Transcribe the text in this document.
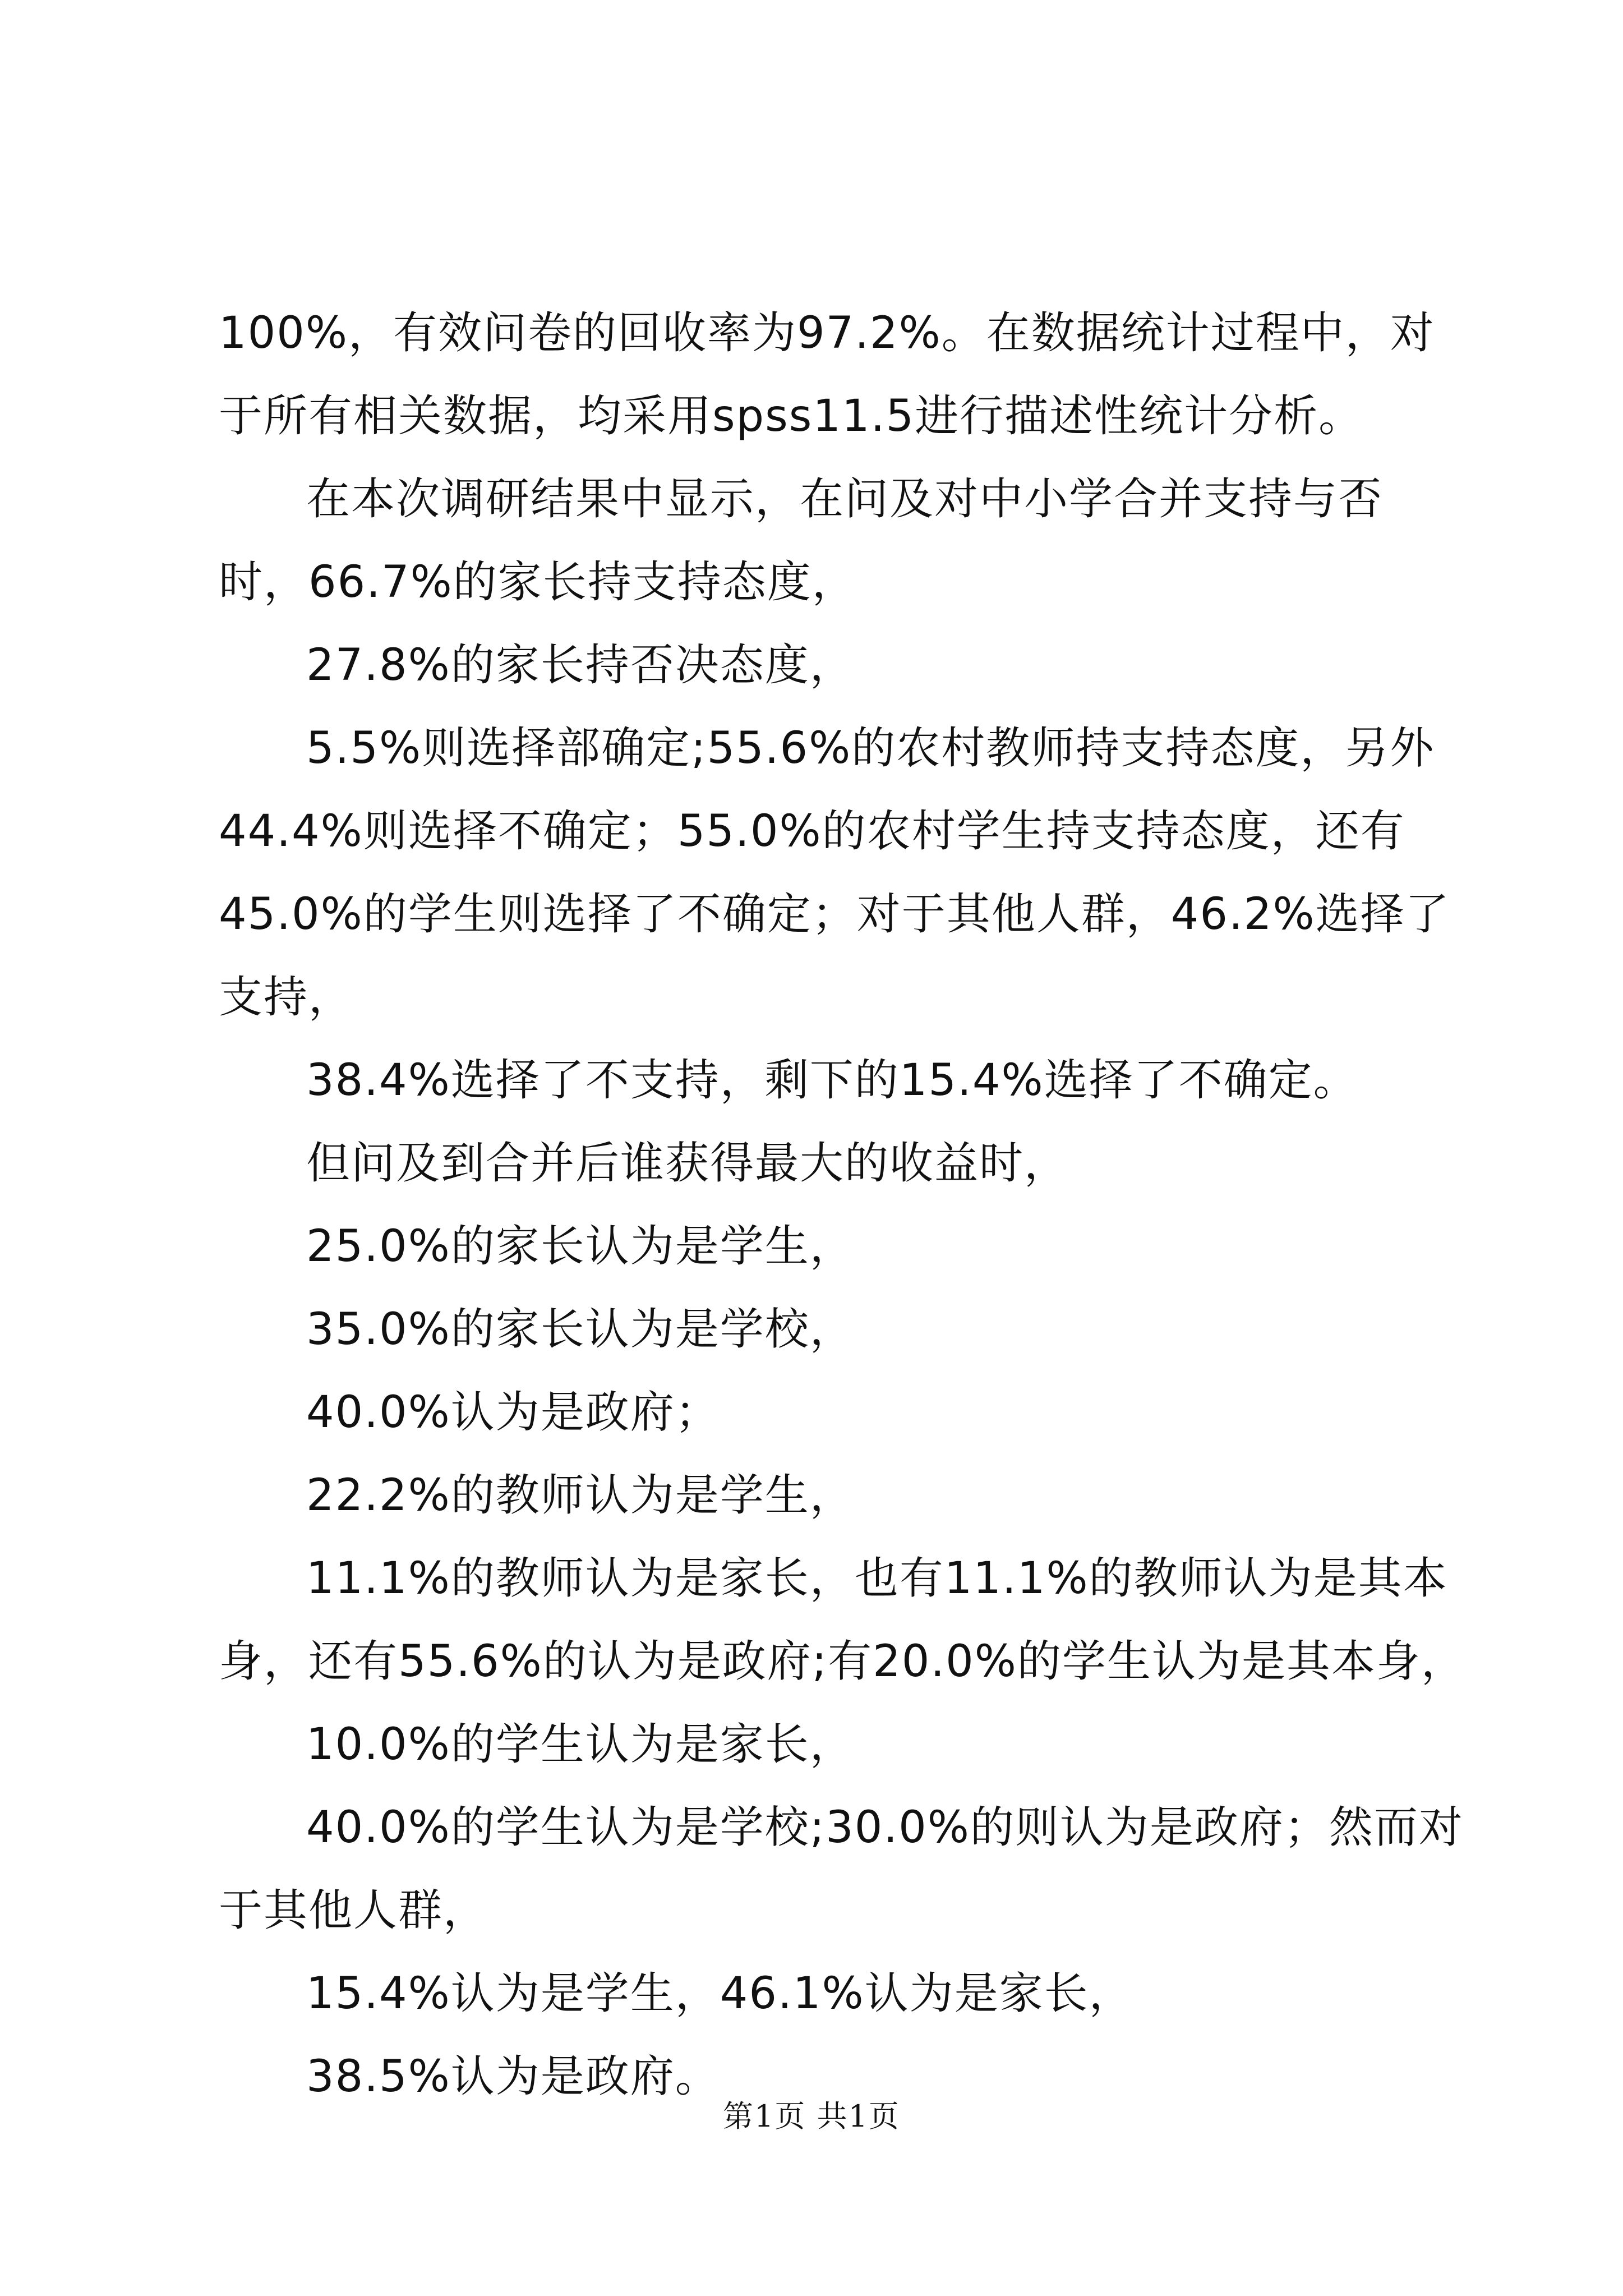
100%，有效问卷的回收率为97.2%。在数据统计过程中，对于所有相关数据，均采用spss11.5进行描述性统计分析。

在本次调研结果中显示，在问及对中小学合并支持与否时，66.7%的家长持支持态度，

27.8%的家长持否决态度，

5.5%则选择部确定;55.6%的农村教师持支持态度，另外44.4%则选择不确定；55.0%的农村学生持支持态度，还有45.0%的学生则选择了不确定；对于其他人群，46.2%选择了支持，

38.4%选择了不支持，剩下的15.4%选择了不确定。

但问及到合并后谁获得最大的收益时，

25.0%的家长认为是学生，

35.0%的家长认为是学校，

40.0%认为是政府；

22.2%的教师认为是学生，

11.1%的教师认为是家长，也有11.1%的教师认为是其本身，还有55.6%的认为是政府;有20.0%的学生认为是其本身，

10.0%的学生认为是家长，

40.0%的学生认为是学校;30.0%的则认为是政府；然而对于其他人群，

15.4%认为是学生，46.1%认为是家长，

38.5%认为是政府。

第1页 共1页
